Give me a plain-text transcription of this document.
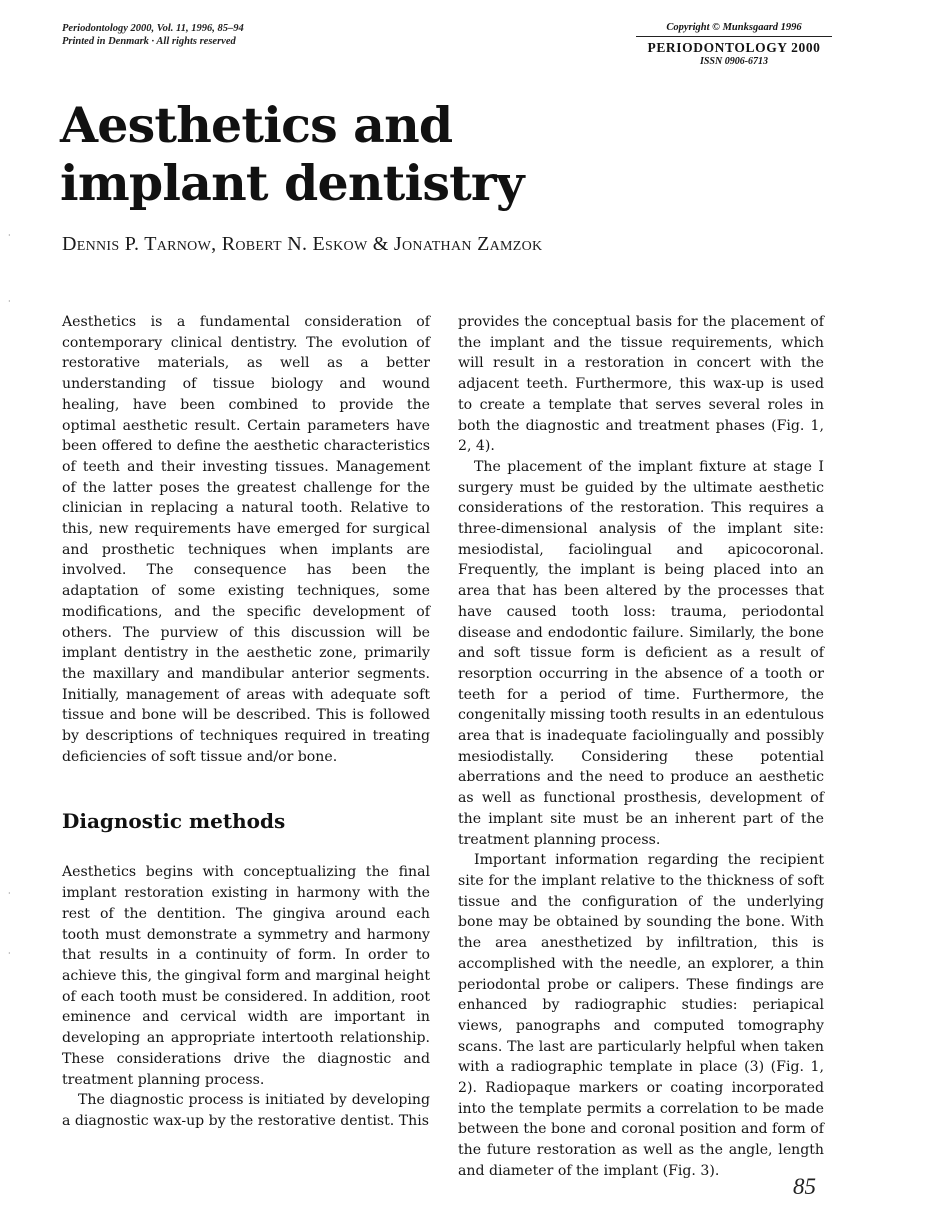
Periodontology 2000, Vol. 11, 1996, 85–94
Printed in Denmark · All rights reserved
Copyright © Munksgaard 1996
PERIODONTOLOGY 2000
ISSN 0906-6713
Aesthetics and
implant dentistry
Dennis P. Tarnow, Robert N. Eskow & Jonathan Zamzok
·
·
·
·

Aesthetics is a fundamental consideration of contemporary clinical dentistry. The evolution of restorative materials, as well as a better understanding of tissue biology and wound healing, have been combined to provide the optimal aesthetic result. Certain parameters have been offered to define the aesthetic characteristics of teeth and their investing tissues. Management of the latter poses the greatest challenge for the clinician in replacing a natural tooth. Relative to this, new requirements have emerged for surgical and prosthetic techniques when implants are involved. The consequence has been the adaptation of some existing techniques, some modifications, and the specific development of others. The purview of this discussion will be implant dentistry in the aesthetic zone, primarily the maxillary and mandibular anterior segments. Initially, management of areas with adequate soft tissue and bone will be described. This is followed by descriptions of techniques required in treating deficiencies of soft tissue and/or bone.

Diagnostic methods

Aesthetics begins with conceptualizing the final implant restoration existing in harmony with the rest of the dentition. The gingiva around each tooth must demonstrate a symmetry and harmony that results in a continuity of form. In order to achieve this, the gingival form and marginal height of each tooth must be considered. In addition, root eminence and cervical width are important in developing an appropriate intertooth relationship. These considerations drive the diagnostic and treatment planning process.

The diagnostic process is initiated by developing a diagnostic wax-up by the restorative dentist. This

provides the conceptual basis for the placement of the implant and the tissue requirements, which will result in a restoration in concert with the adjacent teeth. Furthermore, this wax-up is used to create a template that serves several roles in both the diagnostic and treatment phases (Fig. 1, 2, 4).

The placement of the implant fixture at stage I surgery must be guided by the ultimate aesthetic considerations of the restoration. This requires a three-dimensional analysis of the implant site: mesiodistal, faciolingual and apicocoronal. Frequently, the implant is being placed into an area that has been altered by the processes that have caused tooth loss: trauma, periodontal disease and endodontic failure. Similarly, the bone and soft tissue form is deficient as a result of resorption occurring in the absence of a tooth or teeth for a period of time. Furthermore, the congenitally missing tooth results in an edentulous area that is inadequate faciolingually and possibly mesiodistally. Considering these potential aberrations and the need to produce an aesthetic as well as functional prosthesis, development of the implant site must be an inherent part of the treatment planning process.

Important information regarding the recipient site for the implant relative to the thickness of soft tissue and the configuration of the underlying bone may be obtained by sounding the bone. With the area anesthetized by infiltration, this is accomplished with the needle, an explorer, a thin periodontal probe or calipers. These findings are enhanced by radiographic studies: periapical views, panographs and computed tomography scans. The last are particularly helpful when taken with a radiographic template in place (3) (Fig. 1, 2). Radiopaque markers or coating incorporated into the template permits a correlation to be made between the bone and coronal position and form of the future restoration as well as the angle, length and diameter of the implant (Fig. 3).

85
